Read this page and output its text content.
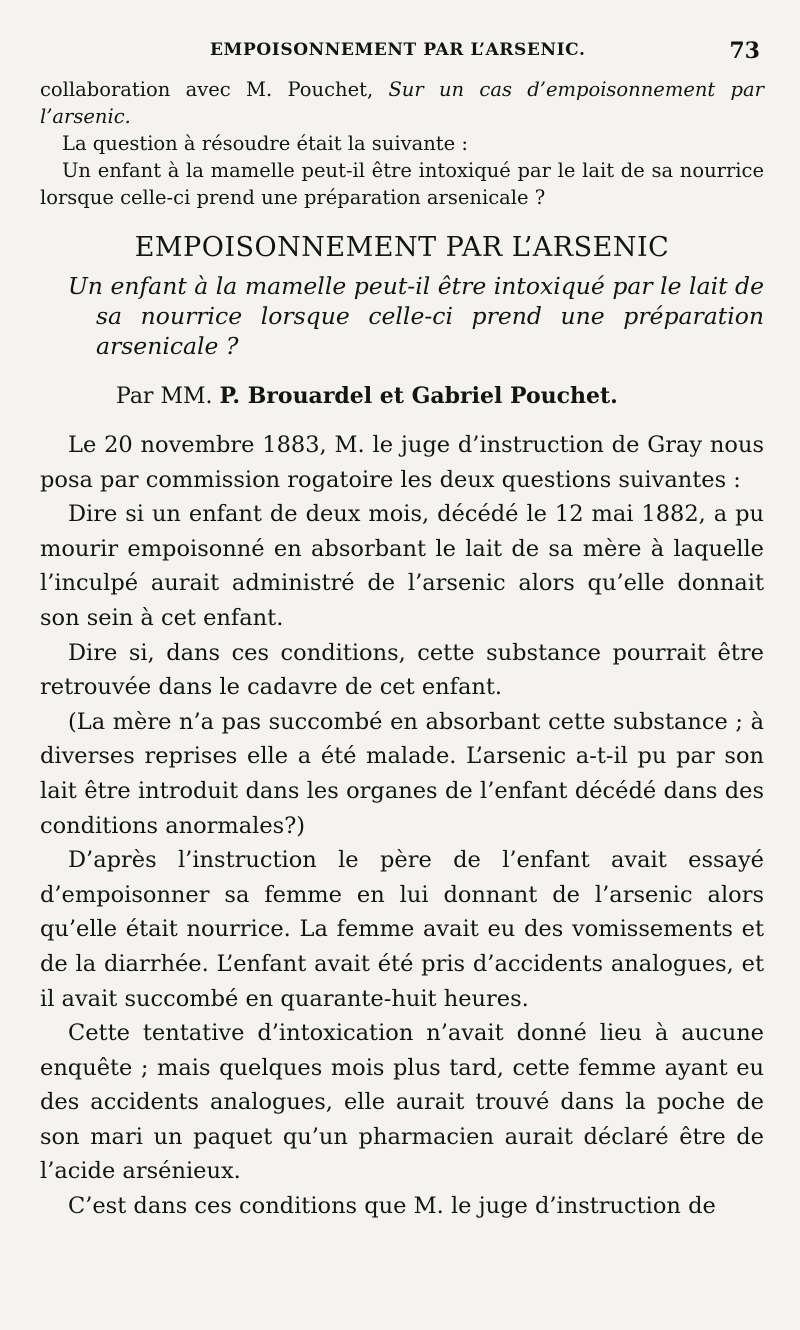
EMPOISONNEMENT PAR L’ARSENIC.	73

collaboration avec M. Pouchet, Sur un cas d’empoisonnement par l’arsenic.

La question à résoudre était la suivante :

Un enfant à la mamelle peut-il être intoxiqué par le lait de sa nourrice lorsque celle-ci prend une préparation arsenicale ?

EMPOISONNEMENT PAR L’ARSENIC

Un enfant à la mamelle peut-il être intoxiqué par le lait de sa nourrice lorsque celle-ci prend une préparation arsenicale ?

Par MM. P. Brouardel et Gabriel Pouchet.

Le 20 novembre 1883, M. le juge d’instruction de Gray nous posa par commission rogatoire les deux questions suivantes :

Dire si un enfant de deux mois, décédé le 12 mai 1882, a pu mourir empoisonné en absorbant le lait de sa mère à laquelle l’inculpé aurait administré de l’arsenic alors qu’elle donnait son sein à cet enfant.

Dire si, dans ces conditions, cette substance pourrait être retrouvée dans le cadavre de cet enfant.

(La mère n’a pas succombé en absorbant cette substance ; à diverses reprises elle a été malade. L’arsenic a-t-il pu par son lait être introduit dans les organes de l’enfant décédé dans des conditions anormales?)

D’après l’instruction le père de l’enfant avait essayé d’empoisonner sa femme en lui donnant de l’arsenic alors qu’elle était nourrice. La femme avait eu des vomissements et de la diarrhée. L’enfant avait été pris d’accidents analogues, et il avait succombé en quarante-huit heures.

Cette tentative d’intoxication n’avait donné lieu à aucune enquête ; mais quelques mois plus tard, cette femme ayant eu des accidents analogues, elle aurait trouvé dans la poche de son mari un paquet qu’un pharmacien aurait déclaré être de l’acide arsénieux.

C’est dans ces conditions que M. le juge d’instruction de
